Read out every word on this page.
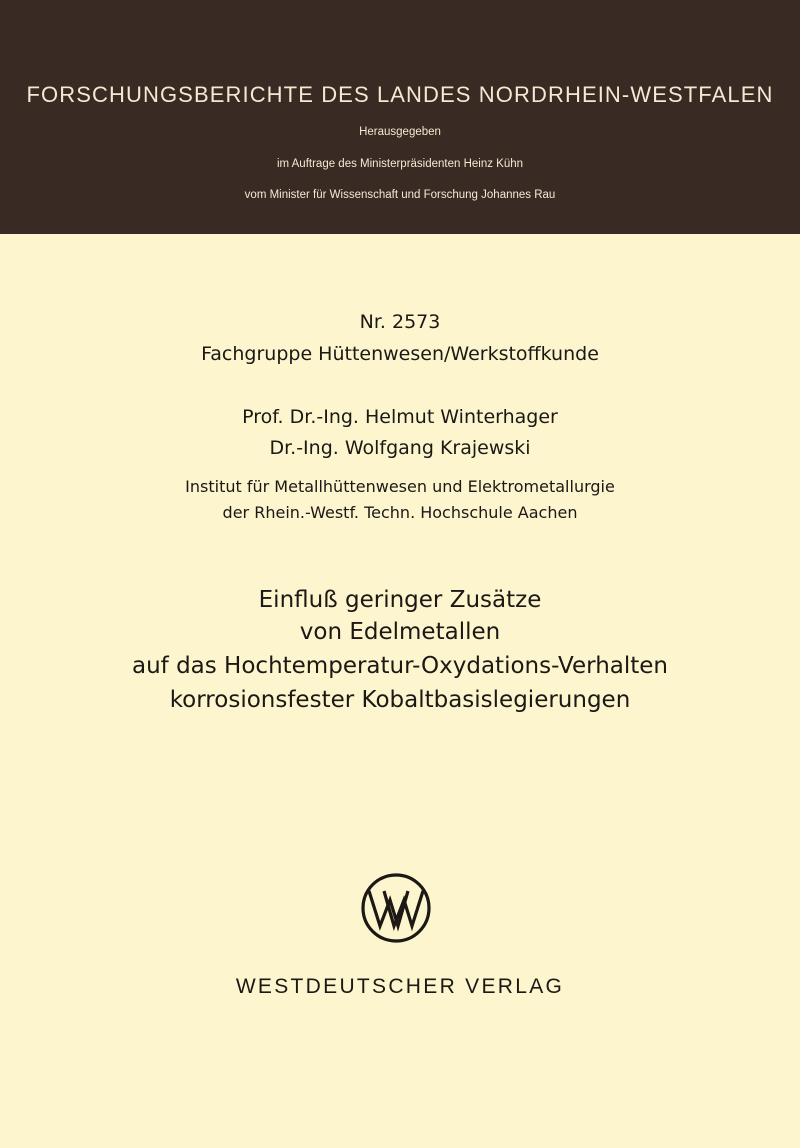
FORSCHUNGSBERICHTE DES LANDES NORDRHEIN-WESTFALEN
Herausgegeben
im Auftrage des Ministerpräsidenten Heinz Kühn
vom Minister für Wissenschaft und Forschung Johannes Rau
Nr. 2573
Fachgruppe Hüttenwesen/Werkstoffkunde
Prof. Dr.-Ing. Helmut Winterhager
Dr.-Ing. Wolfgang Krajewski
Institut für Metallhüttenwesen und Elektrometallurgie
der Rhein.-Westf. Techn. Hochschule Aachen
Einfluß geringer Zusätze
von Edelmetallen
auf das Hochtemperatur-Oxydations-Verhalten
korrosionsfester Kobaltbasislegierungen
WESTDEUTSCHER VERLAG
